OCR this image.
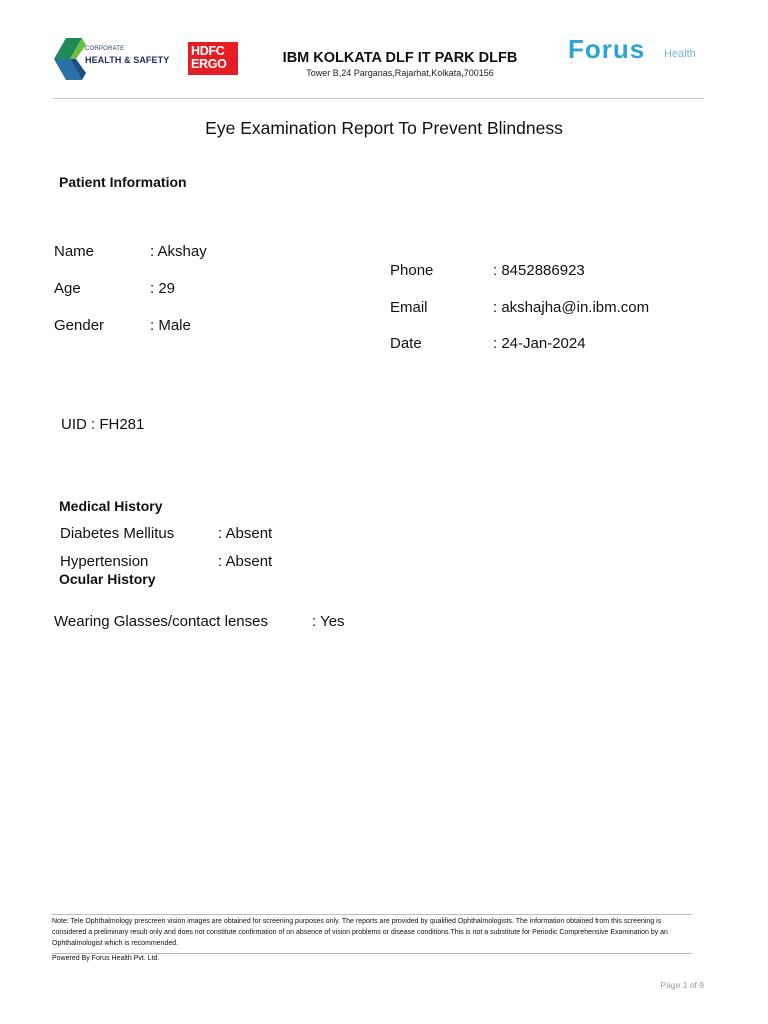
CORPORATE
HEALTH & SAFETY
HDFC
ERGO	IBM KOLKATA DLF IT PARK DLFB
Tower B,24 Parganas,Rajarhat,Kolkata,700156
Forus Health
Eye Examination Report To Prevent Blindness
Patient Information
Name	: Akshay
Age	: 29
Gender	: Male
Phone	: 8452886923
Email	: akshajha@in.ibm.com
Date	: 24-Jan-2024
UID : FH281
Medical History
Diabetes Mellitus	: Absent
Hypertension	: Absent
Ocular History
Wearing Glasses/contact lenses	: Yes
Note: Tele Ophthalmology prescreen vision images are obtained for screening purposes only. The reports are provided by qualified Ophthalmologists. The information obtained from this screening is considered a preliminary result only and does not constitute confirmation of on absence of vision problems or disease conditions.This is not a substitute for Periodic Comprehensive Examination by an Ophthalmologist which is recommended.
Powered By Forus Health Pvt. Ltd.
Page 1 of 9
